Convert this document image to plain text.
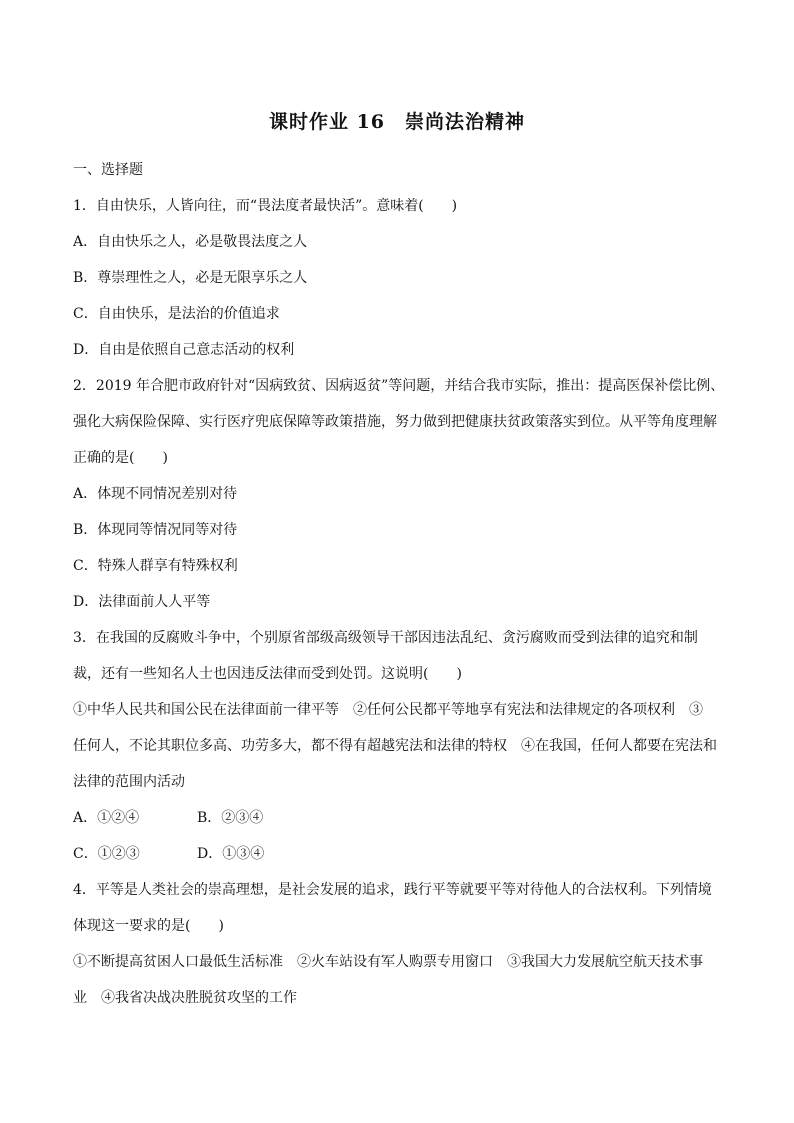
课时作业 16　崇尚法治精神
一、选择题
1．自由快乐，人皆向往，而“畏法度者最快活”。意味着(　　)
A．自由快乐之人，必是敬畏法度之人
B．尊崇理性之人，必是无限享乐之人
C．自由快乐，是法治的价值追求
D．自由是依照自己意志活动的权利
2．2019 年合肥市政府针对“因病致贫、因病返贫”等问题，并结合我市实际，推出：提高医保补偿比例、
强化大病保险保障、实行医疗兜底保障等政策措施，努力做到把健康扶贫政策落实到位。从平等角度理解
正确的是(　　)
A．体现不同情况差别对待
B．体现同等情况同等对待
C．特殊人群享有特殊权利
D．法律面前人人平等
3．在我国的反腐败斗争中，个别原省部级高级领导干部因违法乱纪、贪污腐败而受到法律的追究和制
裁，还有一些知名人士也因违反法律而受到处罚。这说明(　　)
①中华人民共和国公民在法律面前一律平等　②任何公民都平等地享有宪法和法律规定的各项权利　③
任何人，不论其职位多高、功劳多大，都不得有超越宪法和法律的特权　④在我国，任何人都要在宪法和
法律的范围内活动
A．①②④	B．②③④
C．①②③	D．①③④
4．平等是人类社会的崇高理想，是社会发展的追求，践行平等就要平等对待他人的合法权利。下列情境
体现这一要求的是(　　)
①不断提高贫困人口最低生活标准　②火车站设有军人购票专用窗口　③我国大力发展航空航天技术事
业　④我省决战决胜脱贫攻坚的工作
